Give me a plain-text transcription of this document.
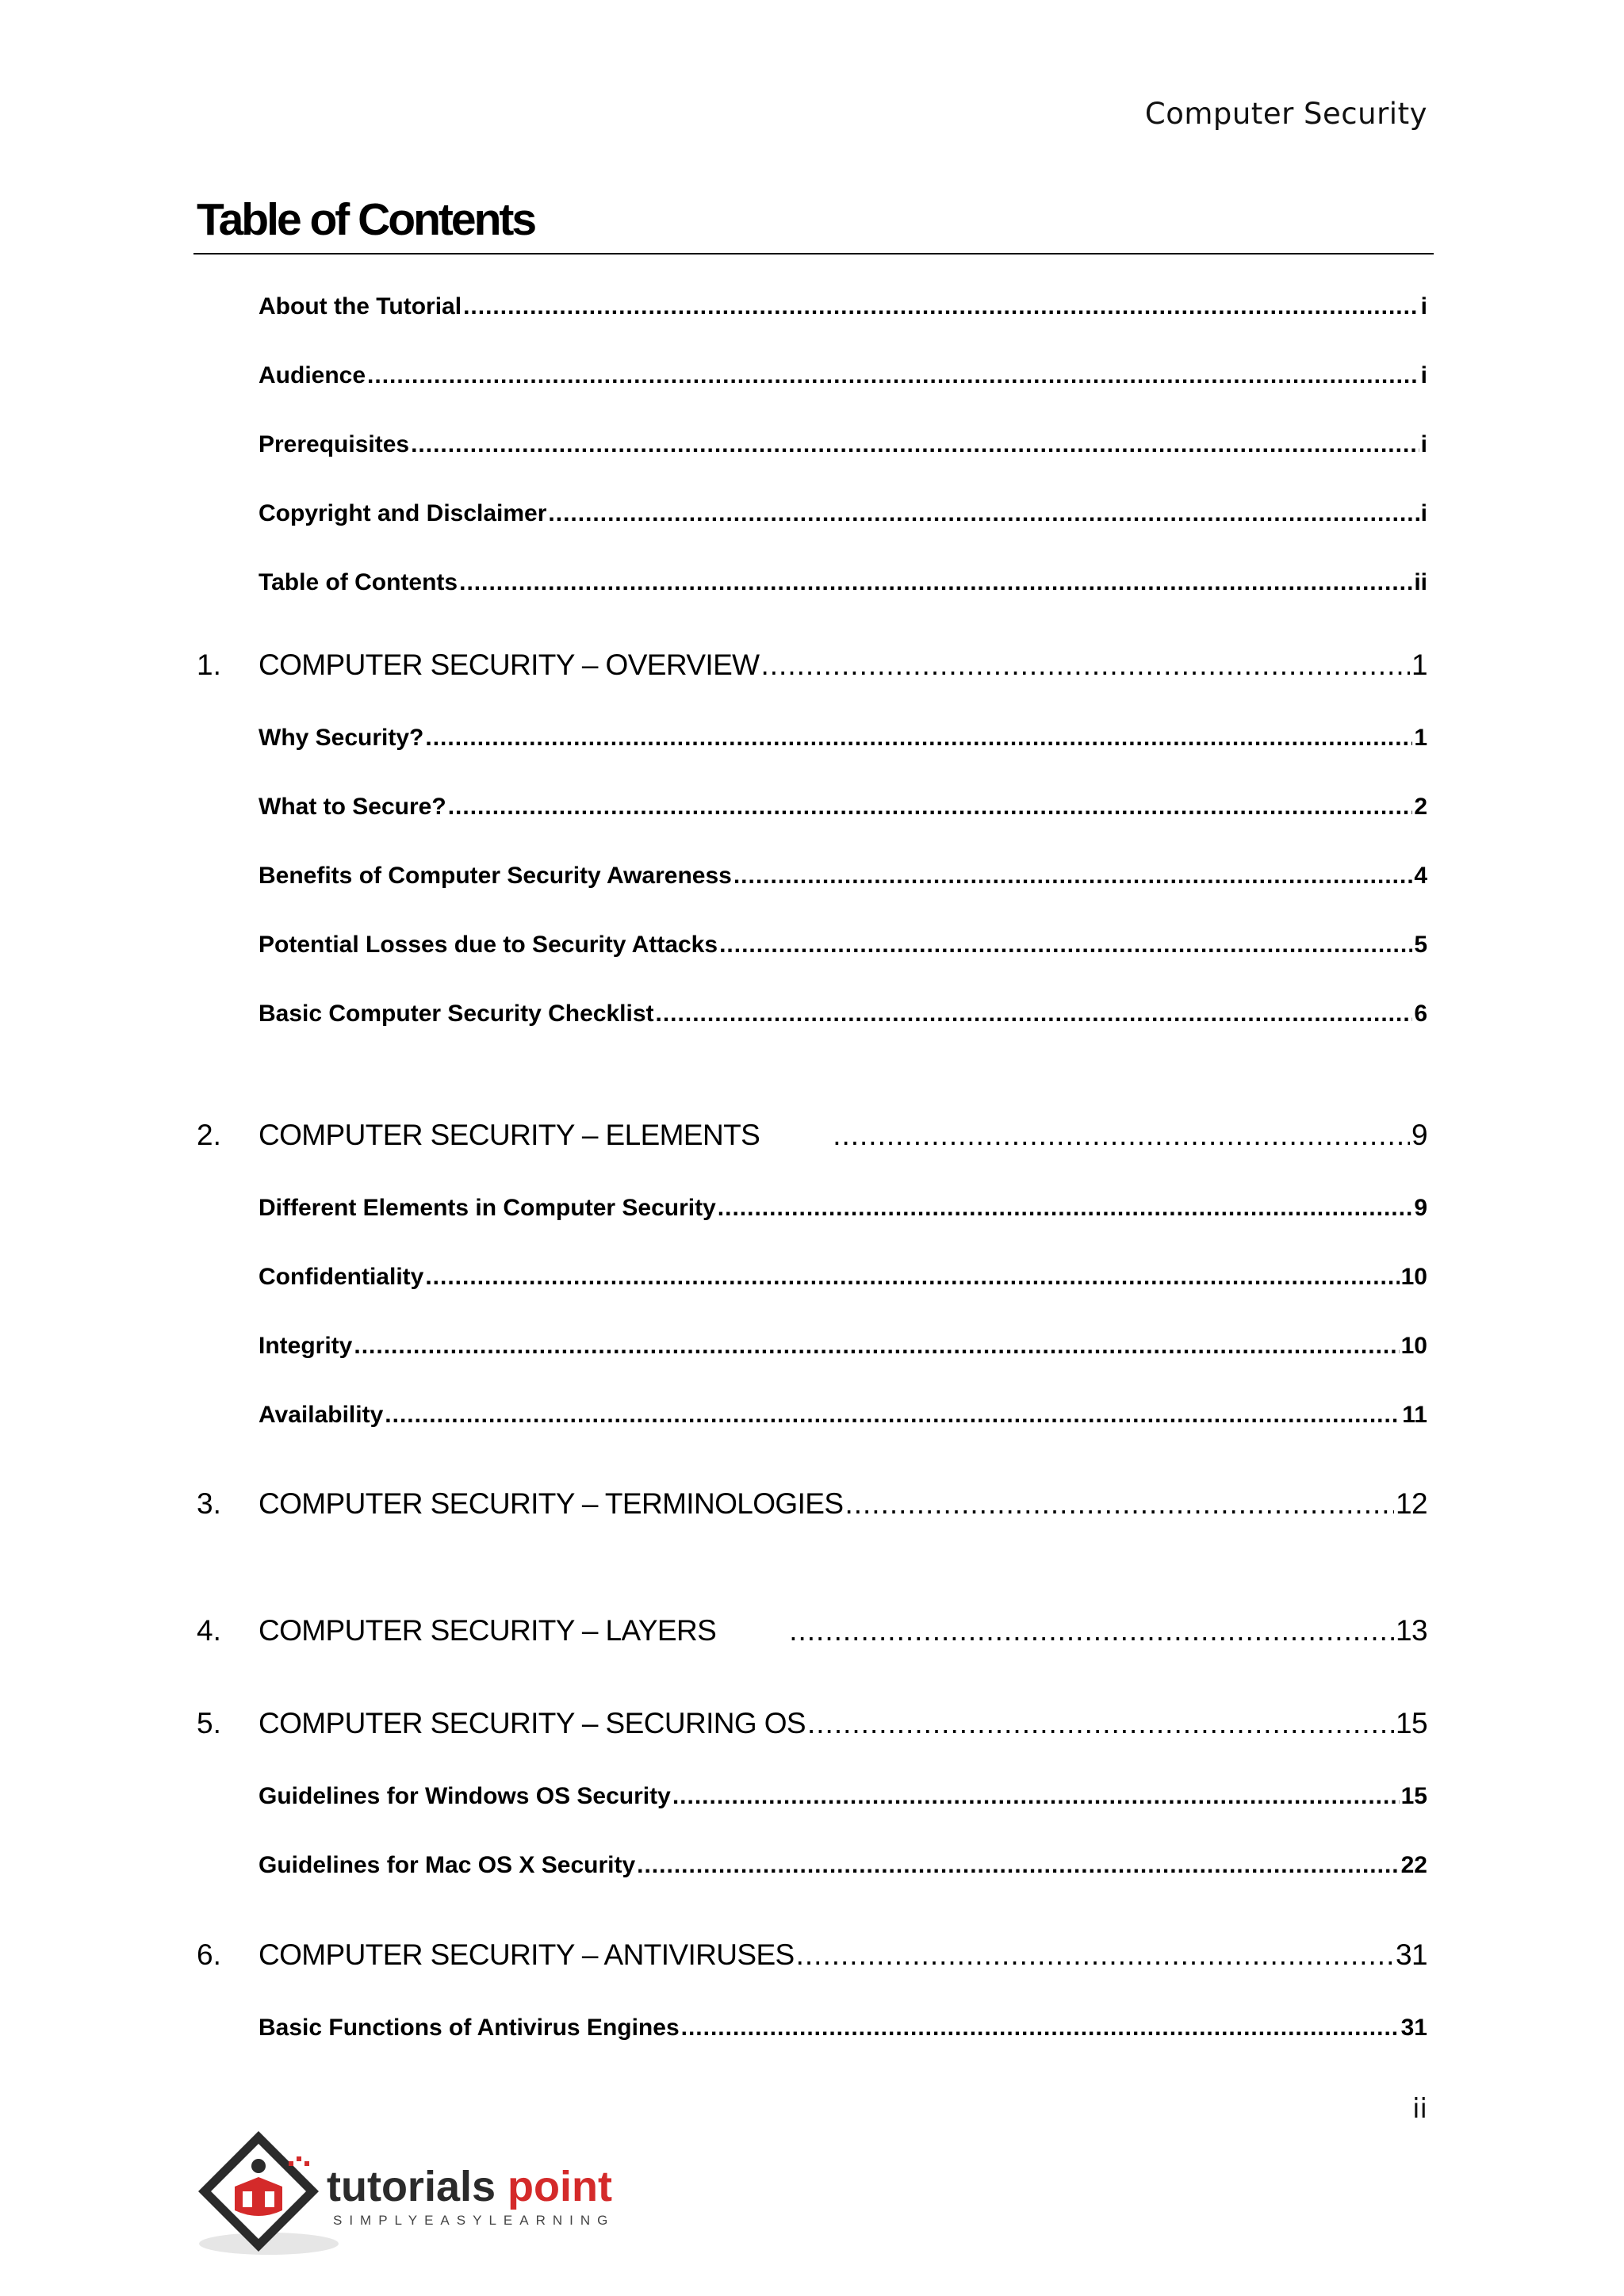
Computer Security
Table of Contents
About the Tutorial .....	i
Audience .....	i
Prerequisites .....	i
Copyright and Disclaimer .....	i
Table of Contents .....	ii
1. COMPUTER SECURITY – OVERVIEW .....	1
Why Security? .....	1
What to Secure? .....	2
Benefits of Computer Security Awareness .....	4
Potential Losses due to Security Attacks .....	5
Basic Computer Security Checklist .....	6
2. COMPUTER SECURITY – ELEMENTS .....	9
Different Elements in Computer Security .....	9
Confidentiality .....	10
Integrity .....	10
Availability .....	11
3. COMPUTER SECURITY – TERMINOLOGIES .....	12
4. COMPUTER SECURITY – LAYERS .....	13
5. COMPUTER SECURITY – SECURING OS .....	15
Guidelines for Windows OS Security .....	15
Guidelines for Mac OS X Security .....	22
6. COMPUTER SECURITY – ANTIVIRUSES .....	31
Basic Functions of Antivirus Engines .....	31
ii
tutorials point
SIMPLYEASYLEARNING
